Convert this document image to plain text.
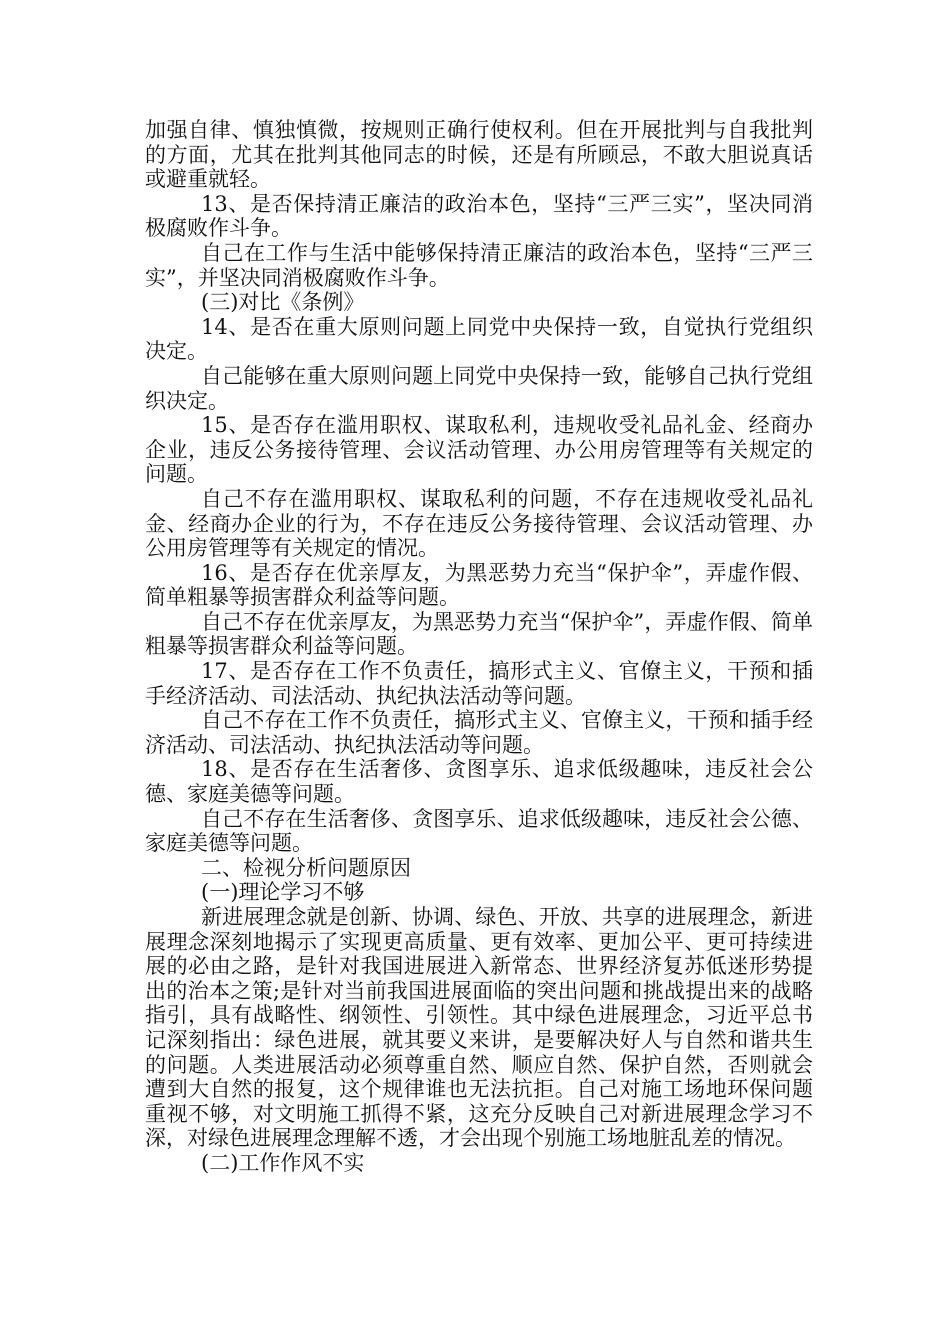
加强自律、慎独慎微，按规则正确行使权利。但在开展批判与自我批判的方面，尤其在批判其他同志的时候，还是有所顾忌，不敢大胆说真话或避重就轻。

13、是否保持清正廉洁的政治本色，坚持“三严三实”，坚决同消极腐败作斗争。

自己在工作与生活中能够保持清正廉洁的政治本色，坚持“三严三实”，并坚决同消极腐败作斗争。

(三)对比《条例》

14、是否在重大原则问题上同党中央保持一致，自觉执行党组织决定。

自己能够在重大原则问题上同党中央保持一致，能够自己执行党组织决定。

15、是否存在滥用职权、谋取私利，违规收受礼品礼金、经商办企业，违反公务接待管理、会议活动管理、办公用房管理等有关规定的问题。

自己不存在滥用职权、谋取私利的问题，不存在违规收受礼品礼金、经商办企业的行为，不存在违反公务接待管理、会议活动管理、办公用房管理等有关规定的情况。

16、是否存在优亲厚友，为黑恶势力充当“保护伞”，弄虚作假、简单粗暴等损害群众利益等问题。

自己不存在优亲厚友，为黑恶势力充当“保护伞”，弄虚作假、简单粗暴等损害群众利益等问题。

17、是否存在工作不负责任，搞形式主义、官僚主义，干预和插手经济活动、司法活动、执纪执法活动等问题。

自己不存在工作不负责任，搞形式主义、官僚主义，干预和插手经济活动、司法活动、执纪执法活动等问题。

18、是否存在生活奢侈、贪图享乐、追求低级趣味，违反社会公德、家庭美德等问题。

自己不存在生活奢侈、贪图享乐、追求低级趣味，违反社会公德、家庭美德等问题。

二、检视分析问题原因

(一)理论学习不够

新进展理念就是创新、协调、绿色、开放、共享的进展理念，新进展理念深刻地揭示了实现更高质量、更有效率、更加公平、更可持续进展的必由之路，是针对我国进展进入新常态、世界经济复苏低迷形势提出的治本之策;是针对当前我国进展面临的突出问题和挑战提出来的战略指引，具有战略性、纲领性、引领性。其中绿色进展理念，习近平总书记深刻指出：绿色进展，就其要义来讲，是要解决好人与自然和谐共生的问题。人类进展活动必须尊重自然、顺应自然、保护自然，否则就会遭到大自然的报复，这个规律谁也无法抗拒。自己对施工场地环保问题重视不够，对文明施工抓得不紧，这充分反映自己对新进展理念学习不深，对绿色进展理念理解不透，才会出现个别施工场地脏乱差的情况。

(二)工作作风不实
